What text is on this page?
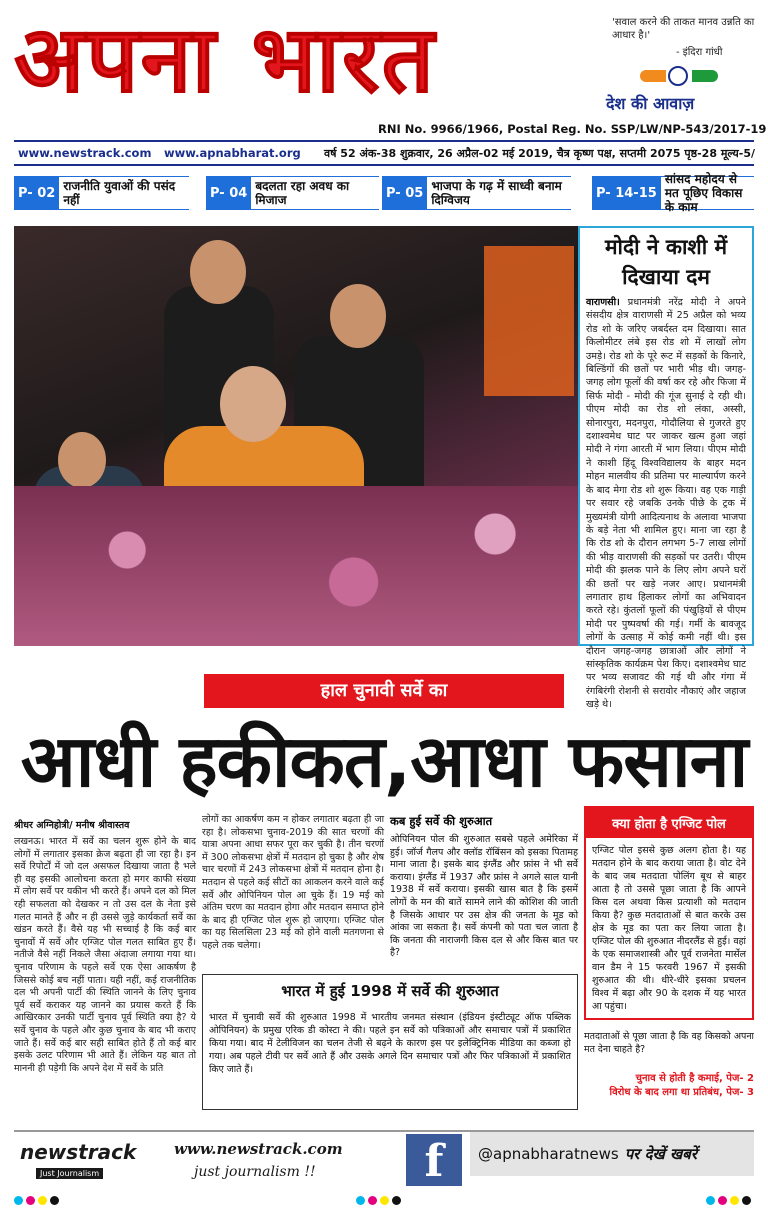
अपना भारत	'सवाल करने की ताकत मानव उन्नति का आधार है।'
- इंदिरा गांधी
देश की आवाज़
RNI No. 9966/1966, Postal Reg. No. SSP/LW/NP-543/2017-19
www.newstrack.com www.apnabharat.org वर्ष 52 अंक-38 शुक्रवार, 26 अप्रैल-02 मई 2019, चैत्र कृष्ण पक्ष, सप्तमी 2075 पृष्ठ-28 मूल्य-5/
P- 02 राजनीति युवाओं की पसंद नहीं	P- 04 बदलता रहा अवध का मिजाज	P- 05 भाजपा के गढ़ में साध्वी बनाम दिग्विजय	P- 14-15
सांसद महोदय से मत पूछिए विकास के काम
मोदी ने काशी में दिखाया दम
वाराणसी। प्रधानमंत्री नरेंद्र मोदी ने अपने संसदीय क्षेत्र वाराणसी में 25 अप्रैल को भव्य रोड शो के जरिए जबर्दस्त दम दिखाया। सात किलोमीटर लंबे इस रोड शो में लाखों लोग उमड़े। रोड शो के पूरे रूट में सड़कों के किनारे, बिल्डिंगों की छतों पर भारी भीड़ थी। जगह-जगह लोग फूलों की वर्षा कर रहे और फिजा में सिर्फ मोदी - मोदी की गूंज सुनाई दे रही थी। पीएम मोदी का रोड शो लंका, अस्सी, सोनारपुरा, मदनपुरा, गोदौलिया से गुजरते हुए दशाश्वमेध घाट पर जाकर खत्म हुआ जहां मोदी ने गंगा आरती में भाग लिया। पीएम मोदी ने काशी हिंदू विश्वविद्यालय के बाहर मदन मोहन मालवीय की प्रतिमा पर माल्यार्पण करने के बाद मेगा रोड शो शुरू किया। वह एक गाड़ी पर सवार रहे जबकि उनके पीछे के ट्रक में मुख्यमंत्री योगी आदित्यनाथ के अलावा भाजपा के बड़े नेता भी शामिल हुए। माना जा रहा है कि रोड शो के दौरान लगभग 5-7 लाख लोगों की भीड़ वाराणसी की सड़कों पर उतरी। पीएम मोदी की झलक पाने के लिए लोग अपने घरों की छतों पर खड़े नजर आए। प्रधानमंत्री लगातार हाथ हिलाकर लोगों का अभिवादन करते रहे। कुंतलों फूलों की पंखुड़ियों से पीएम मोदी पर पुष्पवर्षा की गई। गर्मी के बावजूद लोगों के उत्साह में कोई कमी नहीं थी। इस दौरान जगह-जगह छात्राओं और लोगों ने सांस्कृतिक कार्यक्रम पेश किए। दशाश्वमेध घाट पर भव्य सजावट की गई थी और गंगा में रंगबिरंगी रोशनी से सरावोर नौकाएं और जहाज खड़े थे।
हाल चुनावी सर्वे का
आधी हकीकत,आधा फसाना
श्रीधर अग्निहोत्री/ मनीष श्रीवास्तव
लखनऊ। भारत में सर्वे का चलन शुरू होने के बाद लोगों में लगातार इसका क्रेज बढ़ता ही जा रहा है। इन सर्वे रिपोर्टों में जो दल असफल दिखाया जाता है भले ही वह इसकी आलोचना करता हो मगर काफी संख्या में लोग सर्वे पर यकीन भी करते हैं। अपने दल को मिल रही सफलता को देखकर न तो उस दल के नेता इसे गलत मानते हैं और न ही उससे जुड़े कार्यकर्ता सर्वे का खंडन करते हैं। वैसे यह भी सच्चाई है कि कई बार चुनावों में सर्वे और एग्जिट पोल गलत साबित हुए हैं। नतीजे वैसे नहीं निकले जैसा अंदाजा लगाया गया था। चुनाव परिणाम के पहले सर्वे एक ऐसा आकर्षण है जिससे कोई बच नहीं पाता। यही नहीं, कई राजनीतिक दल भी अपनी पार्टी की स्थिति जानने के लिए चुनाव पूर्व सर्वे कराकर यह जानने का प्रयास करते हैं कि आखिरकार उनकी पार्टी चुनाव पूर्व स्थिति क्या है? ये सर्वे चुनाव के पहले और कुछ चुनाव के बाद भी कराए जाते हैं। सर्वे कई बार सही साबित होते हैं तो कई बार इसके उलट परिणाम भी आते हैं। लेकिन यह बात तो माननी ही पड़ेगी कि अपने देश में सर्वे के प्रति
लोगों का आकर्षण कम न होकर लगातार बढ़ता ही जा रहा है। लोकसभा चुनाव-2019 की सात चरणों की यात्रा अपना आधा सफर पूरा कर चुकी है। तीन चरणों में 300 लोकसभा क्षेत्रों में मतदान हो चुका है और शेष चार चरणों में 243 लोकसभा क्षेत्रों में मतदान होना है। मतदान से पहले कई सीटों का आकलन करने वाले कई सर्वे और ओपिनियन पोल आ चुके हैं। 19 मई को अंतिम चरण का मतदान होगा और मतदान समाप्त होने के बाद ही एग्जिट पोल शुरू हो जाएगा। एग्जिट पोल का यह सिलसिला 23 मई को होने वाली मतगणना से पहले तक चलेगा।
कब हुई सर्वे की शुरुआत
ओपिनियन पोल की शुरुआत सबसे पहले अमेरिका में हुई। जॉर्ज गैलप और क्लॉड रॉबिंसन को इसका पितामह माना जाता है। इसके बाद इंग्लैंड और फ्रांस ने भी सर्वे कराया। इंग्लैंड में 1937 और फ्रांस ने अगले साल यानी 1938 में सर्वे कराया। इसकी खास बात है कि इसमें लोगों के मन की बातें सामने लाने की कोशिश की जाती है जिसके आधार पर उस क्षेत्र की जनता के मूड को आंका जा सकता है। सर्वे कंपनी को पता चल जाता है कि जनता की नाराजगी किस दल से और किस बात पर है?
भारत में हुई 1998 में सर्वे की शुरुआत
भारत में चुनावी सर्वे की शुरुआत 1998 में भारतीय जनमत संस्थान (इंडियन इंस्टीट्यूट ऑफ पब्लिक ओपिनियन) के प्रमुख एरिक डी कोस्टा ने की। पहले इन सर्वे को पत्रिकाओं और समाचार पत्रों में प्रकाशित किया गया। बाद में टेलीविजन का चलन तेजी से बढ़ने के कारण इस पर इलेक्ट्रिनिक मीडिया का कब्जा हो गया। अब पहले टीवी पर सर्वे आते हैं और उसके अगले दिन समाचार पत्रों और फिर पत्रिकाओं में प्रकाशित किए जाते हैं।
क्या होता है एग्जिट पोल
एग्जिट पोल इससे कुछ अलग होता है। यह मतदान होने के बाद कराया जाता है। वोट देने के बाद जब मतदाता पोलिंग बूथ से बाहर आता है तो उससे पूछा जाता है कि आपने किस दल अथवा किस प्रत्याशी को मतदान किया है? कुछ मतदाताओं से बात करके उस क्षेत्र के मूड का पता कर लिया जाता है। एग्जिट पोल की शुरुआत नीदरलैंड से हुई। वहां के एक समाजशास्त्री और पूर्व राजनेता मार्सेल वान डैम ने 15 फरवरी 1967 में इसकी शुरुआत की थी। धीरे-धीरे इसका प्रचलन विश्व में बढ़ा और 90 के दशक में यह भारत आ पहुंचा।
मतदाताओं से पूछा जाता है कि वह किसको अपना मत देना चाहते है?
चुनाव से होती है कमाई, पेज- 2
विरोध के बाद लगा था प्रतिबंध, पेज- 3
newstrack
Just Journalism
www.newstrack.com
just journalism !!	f	@apnabharatnews पर देखें खबरें
